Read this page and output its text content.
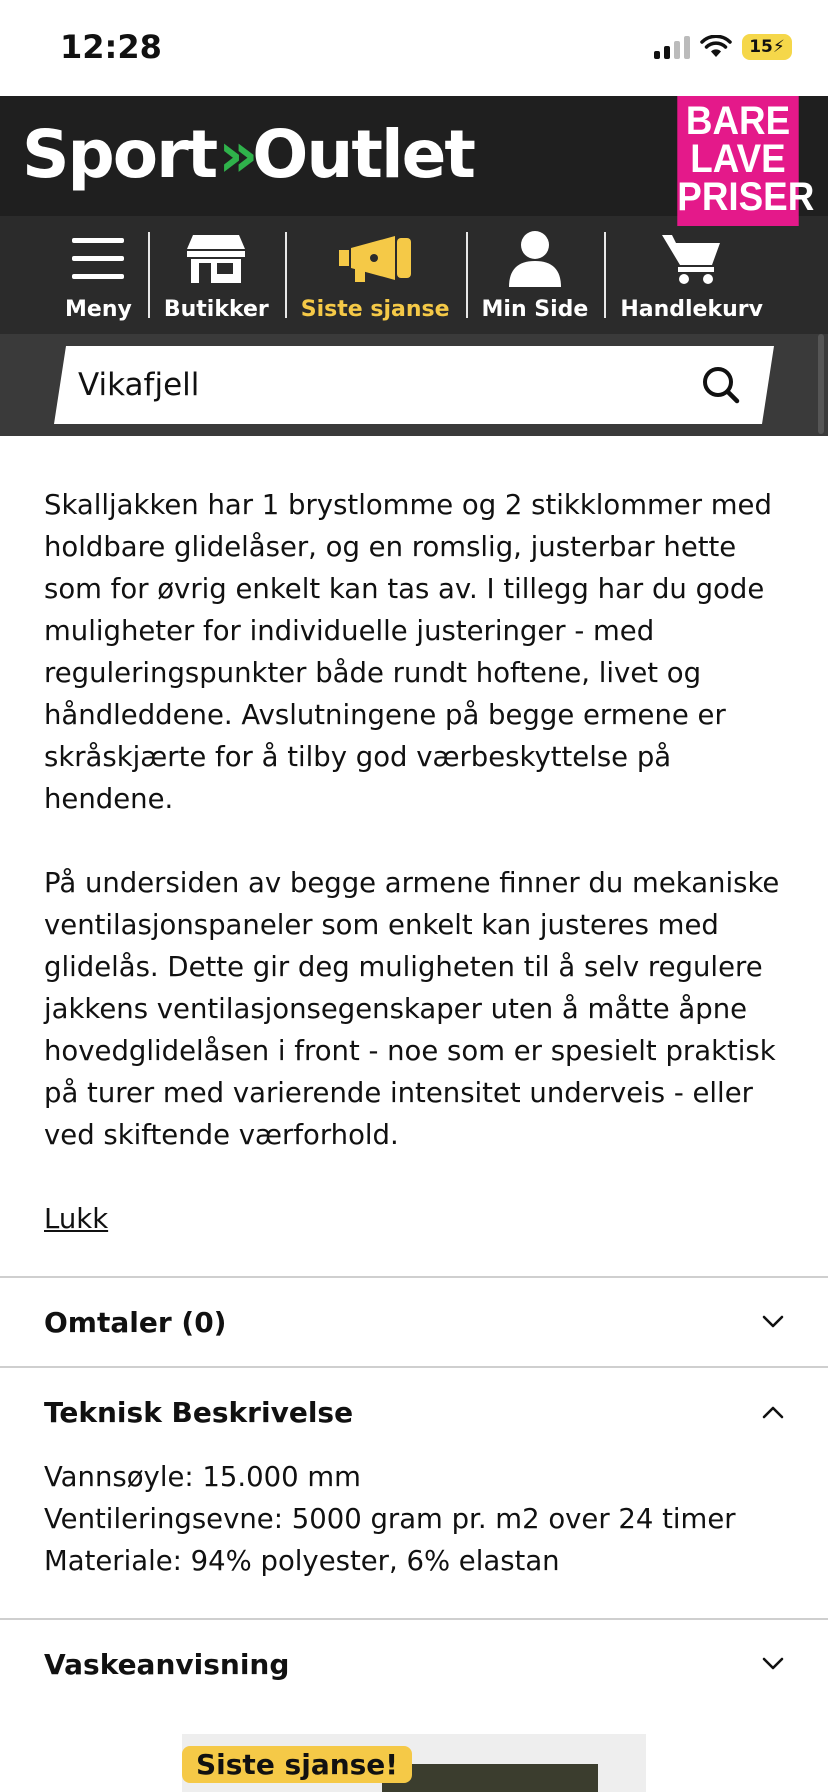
12:28	15 ⚡
Sport » Outlet	BARE
LAVE
PRISER
Meny Butikker Siste sjanse Min Side Handlekurv
Vikafjell

Skalljakken har 1 brystlomme og 2 stikklommer med holdbare glidelåser, og en romslig, justerbar hette som for øvrig enkelt kan tas av. I tillegg har du gode muligheter for individuelle justeringer - med reguleringspunkter både rundt hoftene, livet og håndleddene. Avslutningene på begge ermene er skråskjærte for å tilby god værbeskyttelse på hendene.

På undersiden av begge armene finner du mekaniske ventilasjonspaneler som enkelt kan justeres med glidelås. Dette gir deg muligheten til å selv regulere jakkens ventilasjonsegenskaper uten å måtte åpne hovedglidelåsen i front - noe som er spesielt praktisk på turer med varierende intensitet underveis - eller ved skiftende værforhold.

Lukk
Omtaler (0)
Teknisk Beskrivelse
Vannsøyle: 15.000 mm
Ventileringsevne: 5000 gram pr. m2 over 24 timer
Materiale: 94% polyester, 6% elastan
Vaskeanvisning
Siste sjanse!
